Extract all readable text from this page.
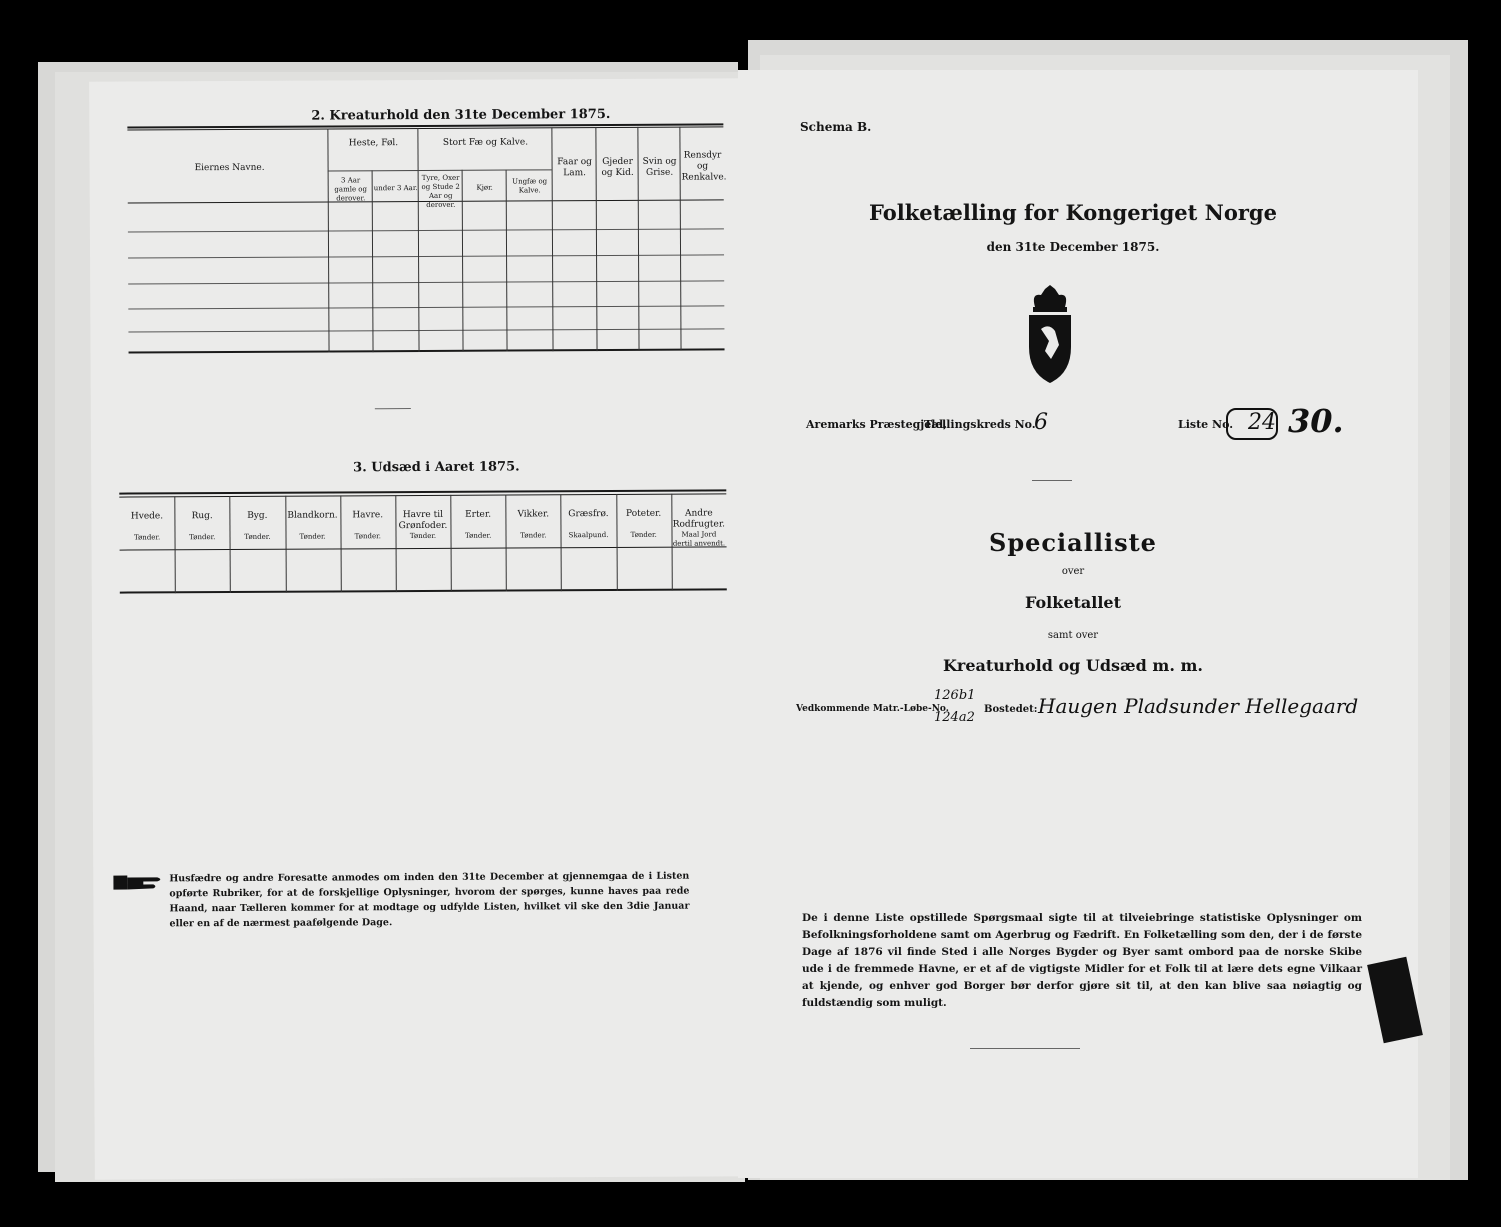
2. Kreaturhold den 31te December 1875.
Eiernes Navne.
Heste, Føl.	Stort Fæ og Kalve.
3 Aar gamle og derover.
under 3 Aar.
Tyre, Oxer og Stude 2 Aar og derover.
Kjør.
Ungfæ og Kalve.
Faar og Lam.
Gjeder og Kid.
Svin og Grise.
Rensdyr og Renkalve.
3. Udsæd i Aaret 1875.
Hvede.
Tønder.
Rug.
Tønder.
Byg.
Tønder.
Blandkorn.
Tønder.
Havre.
Tønder.
Havre til Grønfoder.
Tønder.
Erter.
Tønder.
Vikker.
Tønder.
Græsfrø.
Skaalpund.
Poteter.
Tønder.
Andre Rodfrugter.
Maal Jord dertil anvendt.
Husfædre og andre Foresatte anmodes om inden den 31te December at gjennemgaa de i Listen opførte Rubriker, for at de forskjellige Oplysninger, hvorom der spørges, kunne haves paa rede Haand, naar Tælleren kommer for at modtage og udfylde Listen, hvilket vil ske den 3die Januar eller en af de nærmest paafølgende Dage.
Schema B.
Folketælling for Kongeriget Norge
den 31te December 1875.
Aremarks Præstegjeld,
Tællingskreds No.
6	Liste No. 24 30.
Specialliste
over
Folketallet
samt over
Kreaturhold og Udsæd m. m.
Vedkommende Matr.-Løbe-No.
126b1
124a2
Bostedet: Haugen Pladsunder Hellegaard
De i denne Liste opstillede Spørgsmaal sigte til at tilveiebringe statistiske Oplysninger om Befolkningsforholdene samt om Agerbrug og Fædrift. En Folketælling som den, der i de første Dage af 1876 vil finde Sted i alle Norges Bygder og Byer samt ombord paa de norske Skibe ude i de fremmede Havne, er et af de vigtigste Midler for et Folk til at lære dets egne Vilkaar at kjende, og enhver god Borger bør derfor gjøre sit til, at den kan blive saa nøiagtig og fuldstændig som muligt.
